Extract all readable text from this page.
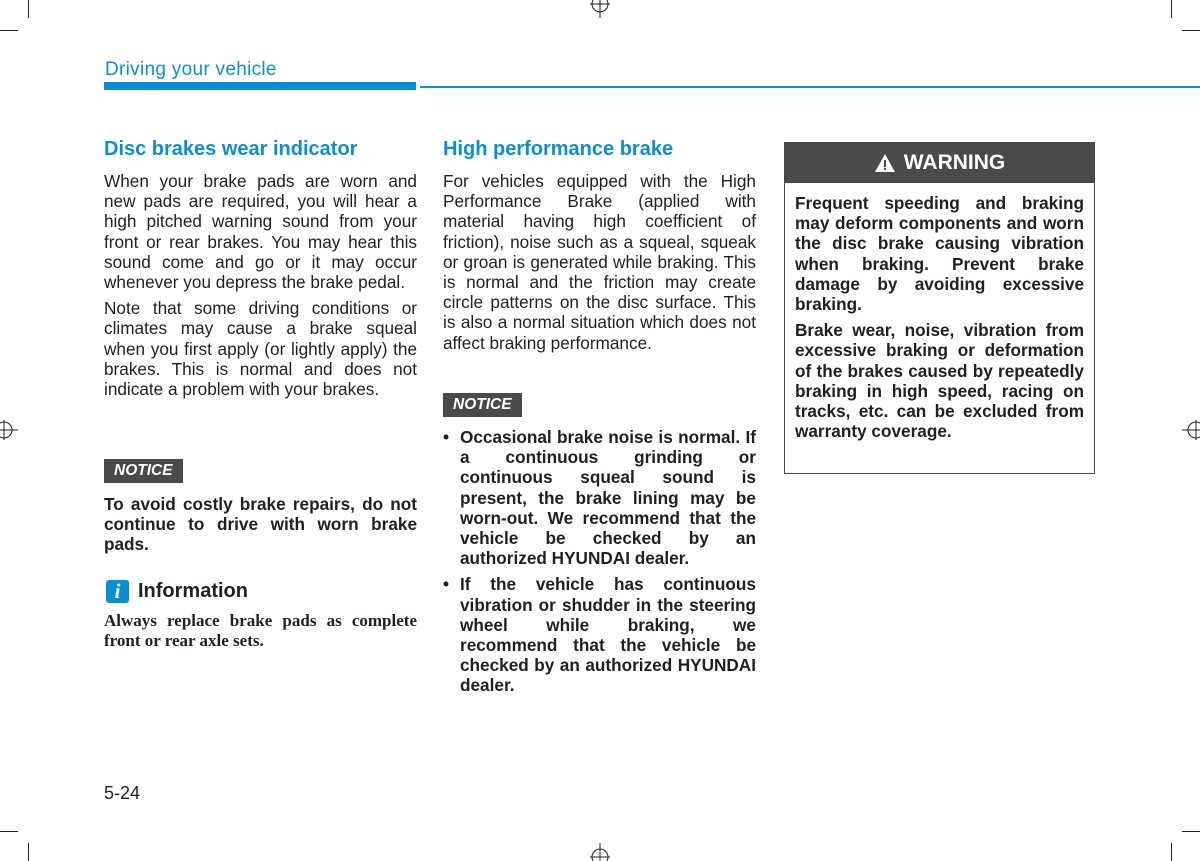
Driving your vehicle
Disc brakes wear indicator

When your brake pads are worn and new pads are required, you will hear a high pitched warning sound from your front or rear brakes. You may hear this sound come and go or it may occur whenever you depress the brake pedal.

Note that some driving conditions or climates may cause a brake squeal when you first apply (or lightly apply) the brakes. This is normal and does not indicate a problem with your brakes.

NOTICE

To avoid costly brake repairs, do not continue to drive with worn brake pads.

i Information

Always replace brake pads as complete front or rear axle sets.

High performance brake

For vehicles equipped with the High Performance Brake (applied with material having high coefficient of friction), noise such as a squeal, squeak or groan is generated while braking. This is normal and the friction may create circle patterns on the disc surface. This is also a normal situation which does not affect braking performance.

NOTICE
• Occasional brake noise is normal. If a continuous grinding or continuous squeal sound is present, the brake lining may be worn-out. We recommend that the vehicle be checked by an authorized HYUNDAI dealer.
• If the vehicle has continuous vibration or shudder in the steering wheel while braking, we recommend that the vehicle be checked by an authorized HYUNDAI dealer.
WARNING

Frequent speeding and braking may deform components and worn the disc brake causing vibration when braking. Prevent brake damage by avoiding excessive braking.

Brake wear, noise, vibration from excessive braking or deformation of the brakes caused by repeatedly braking in high speed, racing on tracks, etc. can be excluded from warranty coverage.

5-24
